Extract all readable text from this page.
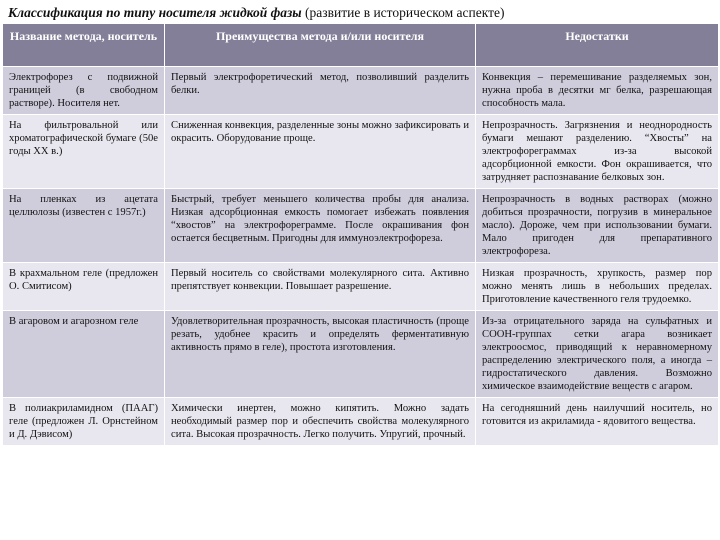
Классификация по типу носителя жидкой фазы (развитие в историческом аспекте)
Название метода, носитель	Преимущества метода и/или носителя	Недостатки
Электрофорез с подвижной границей (в свободном растворе). Носителя нет.	Первый электрофоретический метод, позволивший разделить белки.	Конвекция – перемешивание разделяемых зон, нужна проба в десятки мг белка, разрешающая способность мала.
На фильтровальной или хроматографической бумаге (50е годы XX в.)	Сниженная конвекция, разделенные зоны можно зафиксировать и окрасить. Оборудование проще.	Непрозрачность. Загрязнения и неоднородность бумаги мешают разделению. “Хвосты” на электрофореграммах из-за высокой адсорбционной емкости. Фон окрашивается, что затрудняет распознавание белковых зон.
На пленках из ацетата целлюлозы (известен с 1957г.)	Быстрый, требует меньшего количества пробы для анализа. Низкая адсорбционная емкость помогает избежать появления “хвостов” на электрофореграмме. После окрашивания фон остается бесцветным. Пригодны для иммуноэлектрофореза.	Непрозрачность в водных растворах (можно добиться прозрачности, погрузив в минеральное масло). Дороже, чем при использовании бумаги. Мало пригоден для препаративного электрофореза.
В крахмальном геле (предложен О. Смитисом)	Первый носитель со свойствами молекулярного сита. Активно препятствует конвекции. Повышает разрешение.	Низкая прозрачность, хрупкость, размер пор можно менять лишь в небольших пределах. Приготовление качественного геля трудоемко.
В агаровом и агарозном геле	Удовлетворительная прозрачность, высокая пластичность (проще резать, удобнее красить и определять ферментативную активность прямо в геле), простота изготовления.	Из-за отрицательного заряда на сульфатных и COOH-группах сетки агара возникает электроосмос, приводящий к неравномерному распределению электрического поля, а иногда – гидростатического давления. Возможно химическое взаимодействие веществ с агаром.
В полиакриламидном (ПААГ) геле (предложен Л. Орнстейном и Д. Дэвисом)	Химически инертен, можно кипятить. Можно задать необходимый размер пор и обеспечить свойства молекулярного сита. Высокая прозрачность. Легко получить. Упругий, прочный.	На сегодняшний день наилучший носитель, но готовится из акриламида - ядовитого вещества.
